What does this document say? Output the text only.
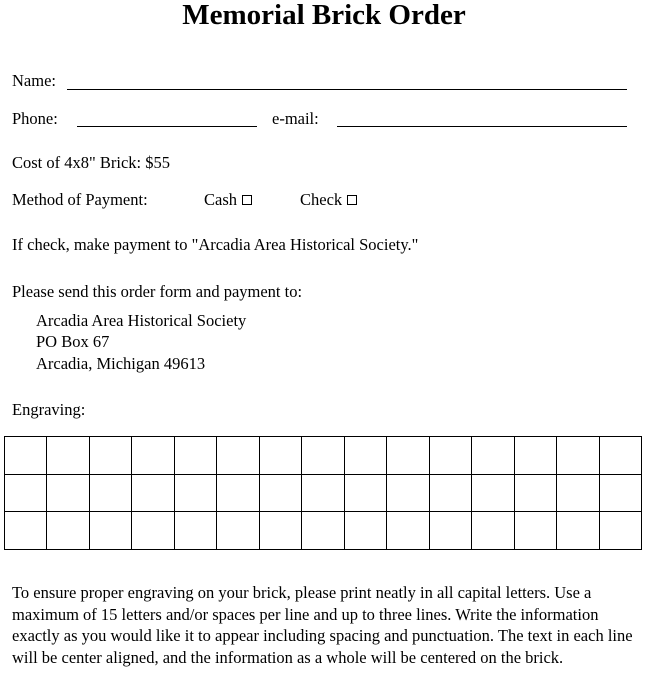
Memorial Brick Order
Name:
Phone:	e-mail:
Cost of 4x8" Brick: $55
Method of Payment:	Cash	Check
If check, make payment to "Arcadia Area Historical Society."
Please send this order form and payment to:
Arcadia Area Historical Society
PO Box 67
Arcadia, Michigan 49613
Engraving:
To ensure proper engraving on your brick, please print neatly in all capital letters. Use a maximum of 15 letters and/or spaces per line and up to three lines. Write the information exactly as you would like it to appear including spacing and punctuation. The text in each line will be center aligned, and the information as a whole will be centered on the brick.
